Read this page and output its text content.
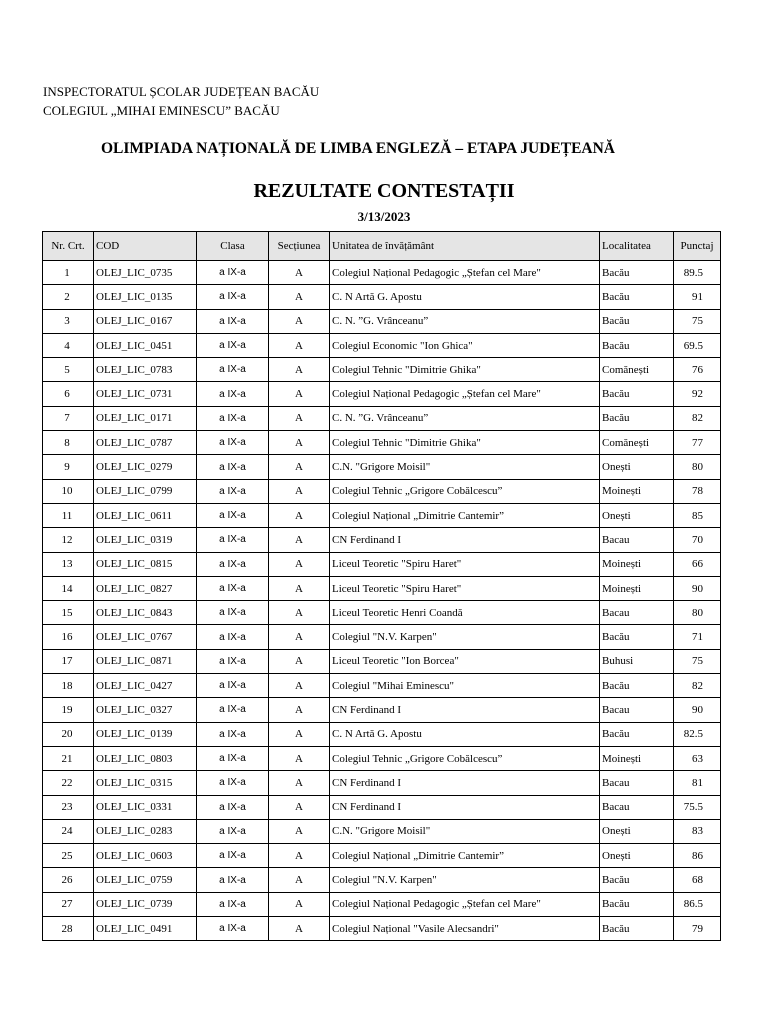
INSPECTORATUL ȘCOLAR JUDEȚEAN BACĂU
COLEGIUL „MIHAI EMINESCU” BACĂU
OLIMPIADA NAȚIONALĂ DE LIMBA ENGLEZĂ – ETAPA JUDEȚEANĂ
REZULTATE CONTESTAȚII
3/13/2023
Nr. Crt.	COD	Clasa	Secțiunea	Unitatea de învățământ	Localitatea	Punctaj
1	OLEJ_LIC_0735	a IX-a	A	Colegiul Național Pedagogic „Ștefan cel Mare"	Bacău	89.5
2	OLEJ_LIC_0135	a IX-a	A	C. N Artă G. Apostu	Bacău	91
3	OLEJ_LIC_0167	a IX-a	A	C. N. ”G. Vrânceanu”	Bacău	75
4	OLEJ_LIC_0451	a IX-a	A	Colegiul Economic "Ion Ghica"	Bacău	69.5
5	OLEJ_LIC_0783	a IX-a	A	Colegiul Tehnic "Dimitrie Ghika"	Comănești	76
6	OLEJ_LIC_0731	a IX-a	A	Colegiul Național Pedagogic „Ștefan cel Mare"	Bacău	92
7	OLEJ_LIC_0171	a IX-a	A	C. N. ”G. Vrânceanu”	Bacău	82
8	OLEJ_LIC_0787	a IX-a	A	Colegiul Tehnic "Dimitrie Ghika"	Comănești	77
9	OLEJ_LIC_0279	a IX-a	A	C.N. "Grigore Moisil"	Onești	80
10	OLEJ_LIC_0799	a IX-a	A	Colegiul Tehnic „Grigore Cobălcescu”	Moinești	78
11	OLEJ_LIC_0611	a IX-a	A	Colegiul Național „Dimitrie Cantemir”	Onești	85
12	OLEJ_LIC_0319	a IX-a	A	CN Ferdinand I	Bacau	70
13	OLEJ_LIC_0815	a IX-a	A	Liceul Teoretic "Spiru Haret"	Moinești	66
14	OLEJ_LIC_0827	a IX-a	A	Liceul Teoretic "Spiru Haret"	Moinești	90
15	OLEJ_LIC_0843	a IX-a	A	Liceul Teoretic Henri Coandă	Bacau	80
16	OLEJ_LIC_0767	a IX-a	A	Colegiul "N.V. Karpen"	Bacău	71
17	OLEJ_LIC_0871	a IX-a	A	Liceul Teoretic "Ion Borcea"	Buhusi	75
18	OLEJ_LIC_0427	a IX-a	A	Colegiul "Mihai Eminescu"	Bacău	82
19	OLEJ_LIC_0327	a IX-a	A	CN Ferdinand I	Bacau	90
20	OLEJ_LIC_0139	a IX-a	A	C. N Artă G. Apostu	Bacău	82.5
21	OLEJ_LIC_0803	a IX-a	A	Colegiul Tehnic „Grigore Cobălcescu”	Moinești	63
22	OLEJ_LIC_0315	a IX-a	A	CN Ferdinand I	Bacau	81
23	OLEJ_LIC_0331	a IX-a	A	CN Ferdinand I	Bacau	75.5
24	OLEJ_LIC_0283	a IX-a	A	C.N. "Grigore Moisil"	Onești	83
25	OLEJ_LIC_0603	a IX-a	A	Colegiul Național „Dimitrie Cantemir”	Onești	86
26	OLEJ_LIC_0759	a IX-a	A	Colegiul "N.V. Karpen"	Bacău	68
27	OLEJ_LIC_0739	a IX-a	A	Colegiul Național Pedagogic „Ștefan cel Mare"	Bacău	86.5
28	OLEJ_LIC_0491	a IX-a	A	Colegiul Național "Vasile Alecsandri"	Bacău	79
